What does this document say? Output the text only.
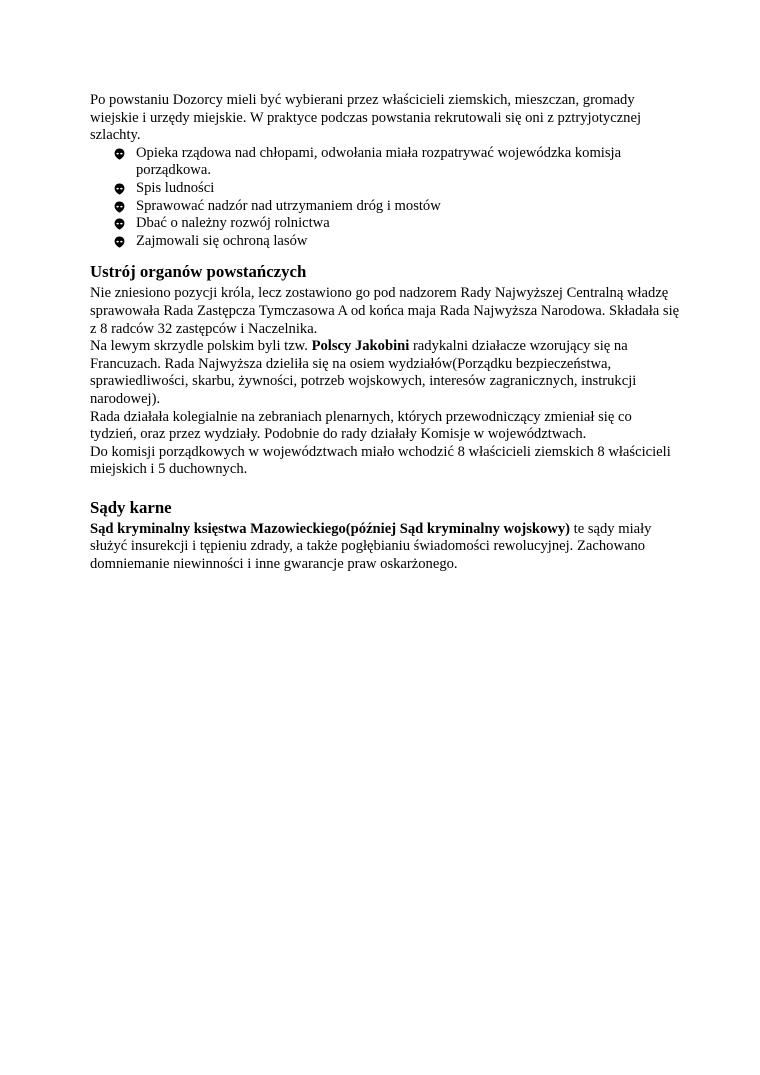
Po powstaniu Dozorcy mieli być wybierani przez właścicieli ziemskich, mieszczan, gromady wiejskie i urzędy miejskie. W praktyce podczas powstania rekrutowali się oni z pztryjotycznej szlachty.

Opieka rządowa nad chłopami, odwołania miała rozpatrywać wojewódzka komisja porządkowa.
Spis ludności
Sprawować nadzór nad utrzymaniem dróg i mostów
Dbać o należny rozwój rolnictwa
Zajmowali się ochroną lasów
Ustrój organów powstańczych

Nie zniesiono pozycji króla, lecz zostawiono go pod nadzorem Rady Najwyższej Centralną władzę sprawowała Rada Zastępcza Tymczasowa A od końca maja Rada Najwyższa Narodowa. Składała się z 8 radców 32 zastępców i Naczelnika.

Na lewym skrzydle polskim byli tzw. Polscy Jakobini radykalni działacze wzorujący się na Francuzach. Rada Najwyższa dzieliła się na osiem wydziałów(Porządku bezpieczeństwa, sprawiedliwości, skarbu, żywności, potrzeb wojskowych, interesów zagranicznych, instrukcji narodowej).

Rada działała kolegialnie na zebraniach plenarnych, których przewodniczący zmieniał się co tydzień, oraz przez wydziały. Podobnie do rady działały Komisje w województwach.

Do komisji porządkowych w województwach miało wchodzić 8 właścicieli ziemskich 8 właścicieli miejskich i 5 duchownych.

Sądy karne

Sąd kryminalny księstwa Mazowieckiego(później Sąd kryminalny wojskowy) te sądy miały służyć insurekcji i tępieniu zdrady, a także pogłębianiu świadomości rewolucyjnej. Zachowano domniemanie niewinności i inne gwarancje praw oskarżonego.
